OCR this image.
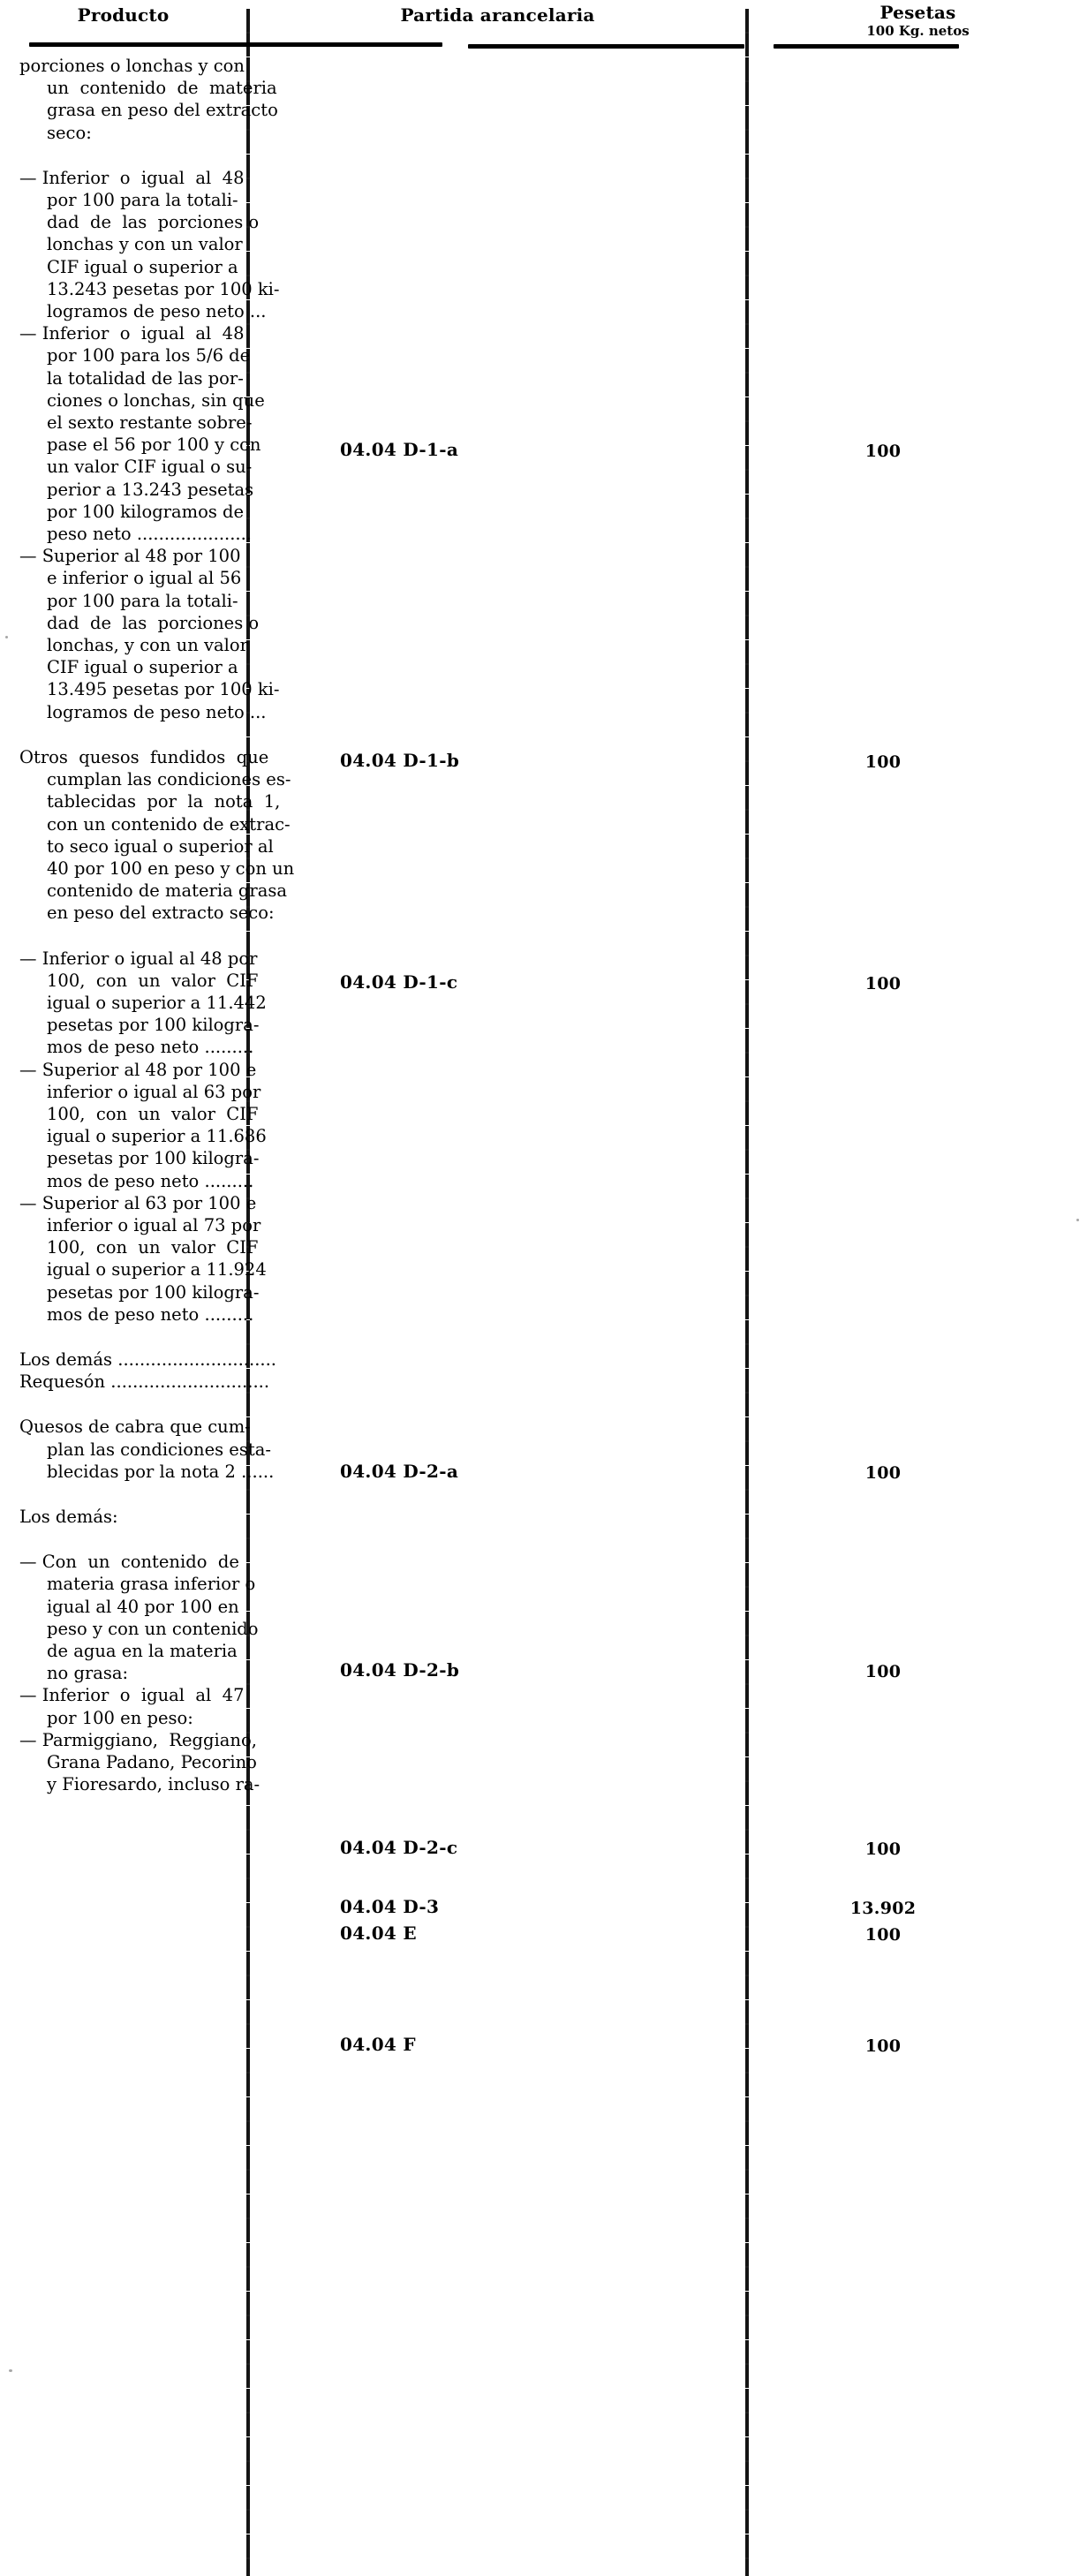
Producto	Partida arancelaria	Pesetas
100 Kg. netos
porciones o lonchas y con
un  contenido  de  materia
grasa en peso del extracto
seco:
— Inferior  o  igual  al  48
por 100 para la totali-
dad  de  las  porciones o
lonchas y con un valor
CIF igual o superior a
13.243 pesetas por 100 ki-
logramos de peso neto ...
— Inferior  o  igual  al  48
por 100 para los 5/6 de
la totalidad de las por-
ciones o lonchas, sin que
el sexto restante sobre-
pase el 56 por 100 y con
un valor CIF igual o su-
perior a 13.243 pesetas
por 100 kilogramos de
peso neto .....................
— Superior al 48 por 100
e inferior o igual al 56
por 100 para la totali-
dad  de  las  porciones o
lonchas, y con un valor
CIF igual o superior a
13.495 pesetas por 100 ki-
logramos de peso neto ...
Otros  quesos  fundidos  que
cumplan las condiciones es-
tablecidas  por  la  nota  1,
con un contenido de extrac-
to seco igual o superior al
40 por 100 en peso y con un
contenido de materia grasa
en peso del extracto seco:
— Inferior o igual al 48 por
100,  con  un  valor  CIF
igual o superior a 11.442
pesetas por 100 kilogra-
mos de peso neto .........
— Superior al 48 por 100 e
inferior o igual al 63 por
100,  con  un  valor  CIF
igual o superior a 11.686
pesetas por 100 kilogra-
mos de peso neto .........
— Superior al 63 por 100 e
inferior o igual al 73 por
100,  con  un  valor  CIF
igual o superior a 11.924
pesetas por 100 kilogra-
mos de peso neto .........
Los demás .............................
Requesón .............................
Quesos de cabra que cum-
plan las condiciones esta-
blecidas por la nota 2 ......
Los demás:
— Con  un  contenido  de
materia grasa inferior o
igual al 40 por 100 en
peso y con un contenido
de agua en la materia
no grasa:
— Inferior  o  igual  al  47
por 100 en peso:
— Parmiggiano,  Reggiano,
Grana Padano, Pecorino
y Fioresardo, incluso ra-
04.04 D-1-a
04.04 D-1-b
04.04 D-1-c
04.04 D-2-a
04.04 D-2-b
04.04 D-2-c
04.04 D-3
04.04 E
04.04 F
100
100
100
100
100
100
13.902
100
100
